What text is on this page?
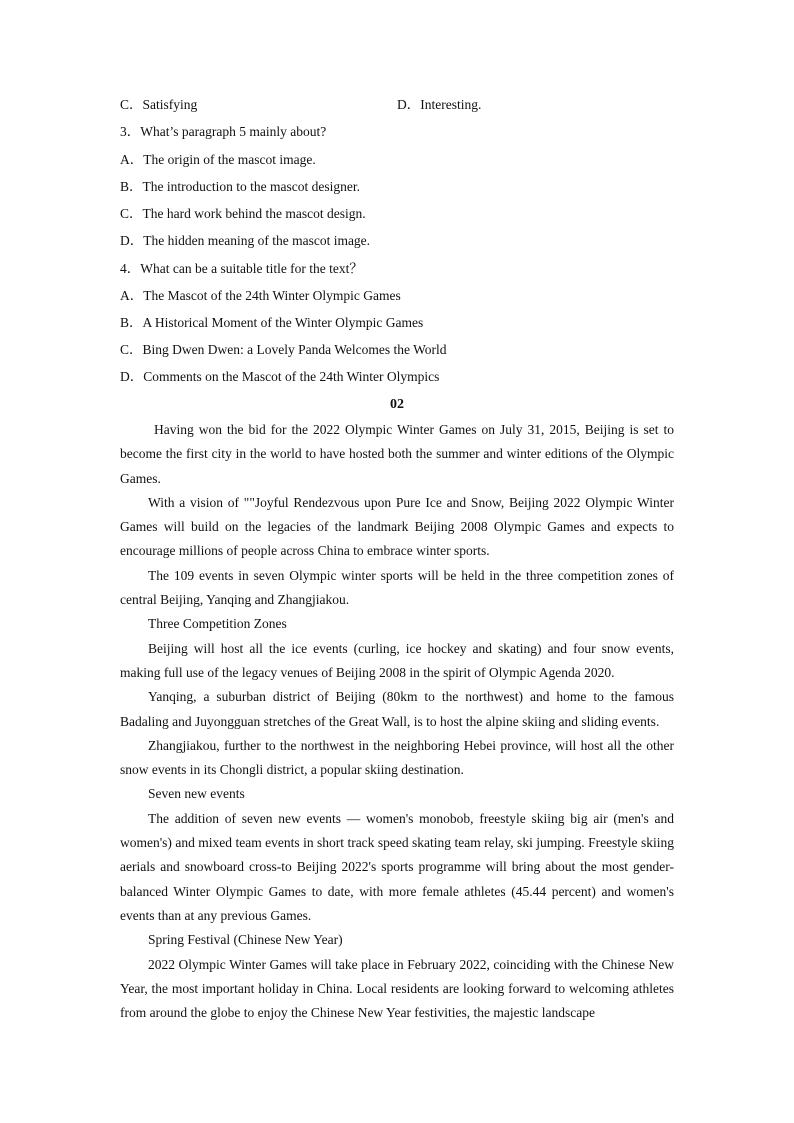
C．Satisfying	D．Interesting.
3．What’s paragraph 5 mainly about?
A．The origin of the mascot image.
B．The introduction to the mascot designer.
C．The hard work behind the mascot design.
D．The hidden meaning of the mascot image.
4．What can be a suitable title for the text？
A．The Mascot of the 24th Winter Olympic Games
B．A Historical Moment of the Winter Olympic Games
C．Bing Dwen Dwen: a Lovely Panda Welcomes the World
D．Comments on the Mascot of the 24th Winter Olympics
02

Having won the bid for the 2022 Olympic Winter Games on July 31, 2015, Beijing is set to become the first city in the world to have hosted both the summer and winter editions of the Olympic Games.

With a vision of ""Joyful Rendezvous upon Pure Ice and Snow, Beijing 2022 Olympic Winter Games will build on the legacies of the landmark Beijing 2008 Olympic Games and expects to encourage millions of people across China to embrace winter sports.

The 109 events in seven Olympic winter sports will be held in the three competition zones of central Beijing, Yanqing and Zhangjiakou.

Three Competition Zones

Beijing will host all the ice events (curling, ice hockey and skating) and four snow events, making full use of the legacy venues of Beijing 2008 in the spirit of Olympic Agenda 2020.

Yanqing, a suburban district of Beijing (80km to the northwest) and home to the famous Badaling and Juyongguan stretches of the Great Wall, is to host the alpine skiing and sliding events.

Zhangjiakou, further to the northwest in the neighboring Hebei province, will host all the other snow events in its Chongli district, a popular skiing destination.

Seven new events

The addition of seven new events — women's monobob, freestyle skiing big air (men's and women's) and mixed team events in short track speed skating team relay, ski jumping. Freestyle skiing aerials and snowboard cross-to Beijing 2022's sports programme will bring about the most gender-balanced Winter Olympic Games to date, with more female athletes (45.44 percent) and women's events than at any previous Games.

Spring Festival (Chinese New Year)

2022 Olympic Winter Games will take place in February 2022, coinciding with the Chinese New Year, the most important holiday in China. Local residents are looking forward to welcoming athletes from around the globe to enjoy the Chinese New Year festivities, the majestic landscape
